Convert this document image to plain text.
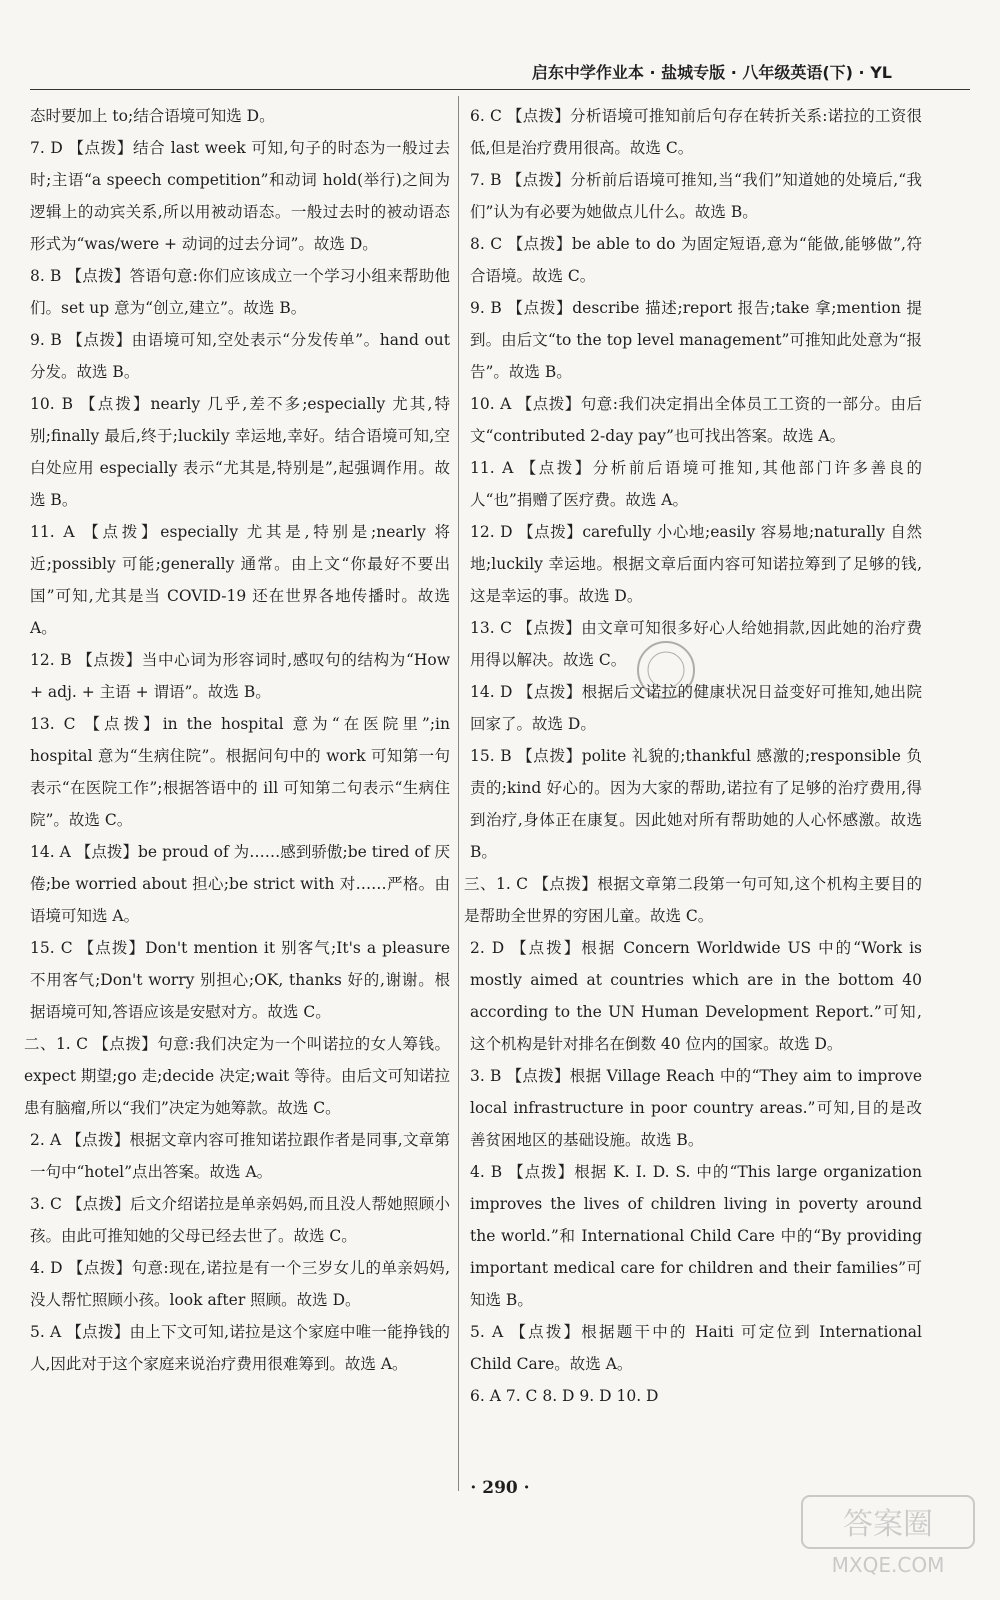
启东中学作业本 · 盐城专版 · 八年级英语(下) · YL

态时要加上 to;结合语境可知选 D。

7. D 【点拨】结合 last week 可知,句子的时态为一般过去时;主语“a speech competition”和动词 hold(举行)之间为逻辑上的动宾关系,所以用被动语态。一般过去时的被动语态形式为“was/were + 动词的过去分词”。故选 D。

8. B 【点拨】答语句意:你们应该成立一个学习小组来帮助他们。set up 意为“创立,建立”。故选 B。

9. B 【点拨】由语境可知,空处表示“分发传单”。hand out 分发。故选 B。

10. B 【点拨】nearly 几乎,差不多;especially 尤其,特别;finally 最后,终于;luckily 幸运地,幸好。结合语境可知,空白处应用 especially 表示“尤其是,特别是”,起强调作用。故选 B。

11. A 【点拨】especially 尤其是,特别是;nearly 将近;possibly 可能;generally 通常。由上文“你最好不要出国”可知,尤其是当 COVID-19 还在世界各地传播时。故选 A。

12. B 【点拨】当中心词为形容词时,感叹句的结构为“How + adj. + 主语 + 谓语”。故选 B。

13. C 【点拨】in the hospital 意为“在医院里”;in hospital 意为“生病住院”。根据问句中的 work 可知第一句表示“在医院工作”;根据答语中的 ill 可知第二句表示“生病住院”。故选 C。

14. A 【点拨】be proud of 为……感到骄傲;be tired of 厌倦;be worried about 担心;be strict with 对……严格。由语境可知选 A。

15. C 【点拨】Don't mention it 别客气;It's a pleasure 不用客气;Don't worry 别担心;OK, thanks 好的,谢谢。根据语境可知,答语应该是安慰对方。故选 C。

二、1. C 【点拨】句意:我们决定为一个叫诺拉的女人筹钱。expect 期望;go 走;decide 决定;wait 等待。由后文可知诺拉患有脑瘤,所以“我们”决定为她筹款。故选 C。

2. A 【点拨】根据文章内容可推知诺拉跟作者是同事,文章第一句中“hotel”点出答案。故选 A。

3. C 【点拨】后文介绍诺拉是单亲妈妈,而且没人帮她照顾小孩。由此可推知她的父母已经去世了。故选 C。

4. D 【点拨】句意:现在,诺拉是有一个三岁女儿的单亲妈妈,没人帮忙照顾小孩。look after 照顾。故选 D。

5. A 【点拨】由上下文可知,诺拉是这个家庭中唯一能挣钱的人,因此对于这个家庭来说治疗费用很难筹到。故选 A。

6. C 【点拨】分析语境可推知前后句存在转折关系:诺拉的工资很低,但是治疗费用很高。故选 C。

7. B 【点拨】分析前后语境可推知,当“我们”知道她的处境后,“我们”认为有必要为她做点儿什么。故选 B。

8. C 【点拨】be able to do 为固定短语,意为“能做,能够做”,符合语境。故选 C。

9. B 【点拨】describe 描述;report 报告;take 拿;mention 提到。由后文“to the top level management”可推知此处意为“报告”。故选 B。

10. A 【点拨】句意:我们决定捐出全体员工工资的一部分。由后文“contributed 2-day pay”也可找出答案。故选 A。

11. A 【点拨】分析前后语境可推知,其他部门许多善良的人“也”捐赠了医疗费。故选 A。

12. D 【点拨】carefully 小心地;easily 容易地;naturally 自然地;luckily 幸运地。根据文章后面内容可知诺拉筹到了足够的钱,这是幸运的事。故选 D。

13. C 【点拨】由文章可知很多好心人给她捐款,因此她的治疗费用得以解决。故选 C。

14. D 【点拨】根据后文诺拉的健康状况日益变好可推知,她出院回家了。故选 D。

15. B 【点拨】polite 礼貌的;thankful 感激的;responsible 负责的;kind 好心的。因为大家的帮助,诺拉有了足够的治疗费用,得到治疗,身体正在康复。因此她对所有帮助她的人心怀感激。故选 B。

三、1. C 【点拨】根据文章第二段第一句可知,这个机构主要目的是帮助全世界的穷困儿童。故选 C。

2. D 【点拨】根据 Concern Worldwide US 中的“Work is mostly aimed at countries which are in the bottom 40 according to the UN Human Development Report.”可知,这个机构是针对排名在倒数 40 位内的国家。故选 D。

3. B 【点拨】根据 Village Reach 中的“They aim to improve local infrastructure in poor country areas.”可知,目的是改善贫困地区的基础设施。故选 B。

4. B 【点拨】根据 K. I. D. S. 中的“This large organization improves the lives of children living in poverty around the world.”和 International Child Care 中的“By providing important medical care for children and their families”可知选 B。

5. A 【点拨】根据题干中的 Haiti 可定位到 International Child Care。故选 A。

6. A 7. C 8. D 9. D 10. D

· 290 ·
答案圈
MXQE.COM
